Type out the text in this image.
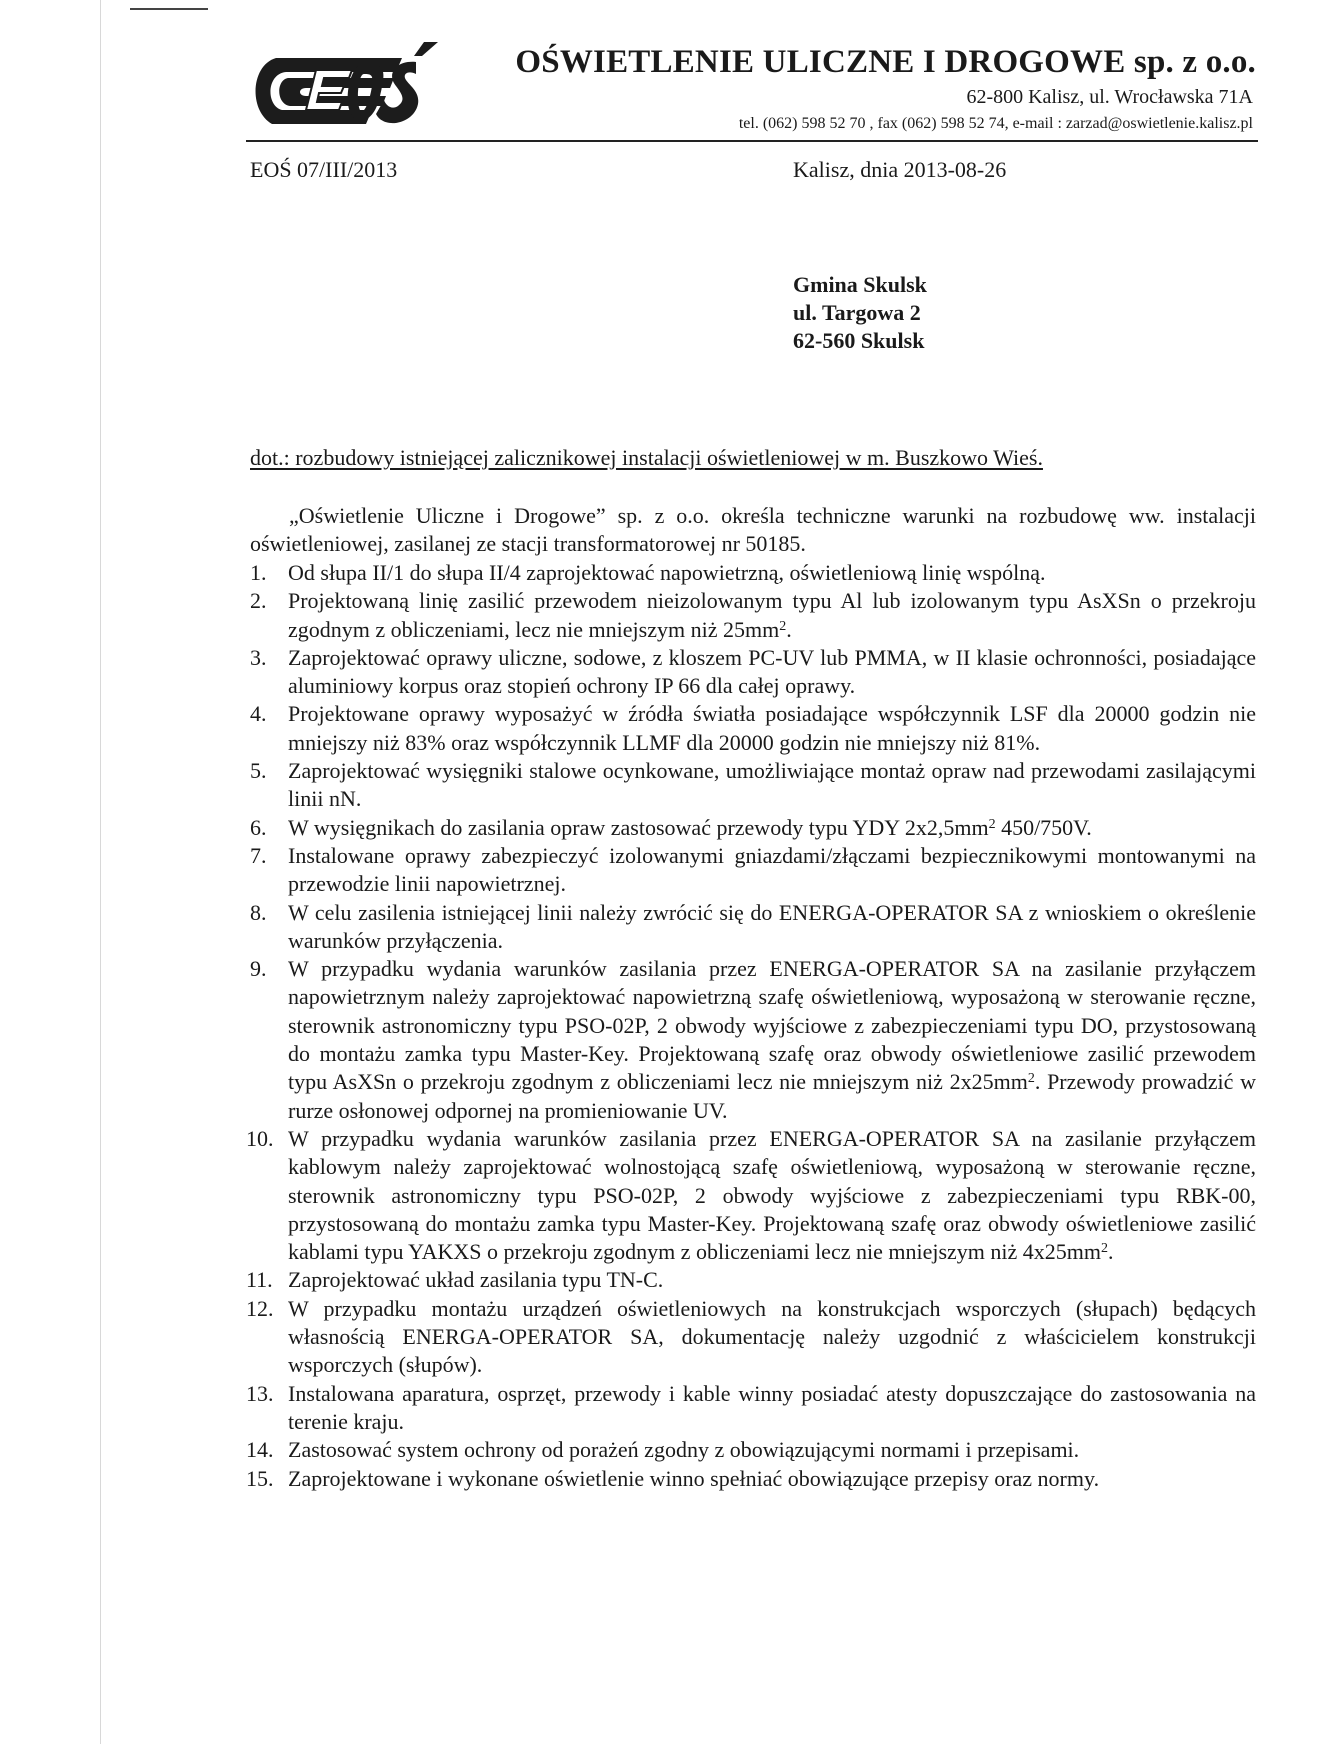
OŚWIETLENIE ULICZNE I DROGOWE sp. z o.o.
62-800 Kalisz, ul. Wrocławska 71A
tel. (062) 598 52 70 , fax (062) 598 52 74, e-mail : zarzad@oswietlenie.kalisz.pl
EOŚ 07/III/2013	Kalisz, dnia 2013-08-26
Gmina Skulsk
ul. Targowa 2
62-560 Skulsk
dot.: rozbudowy istniejącej zalicznikowej instalacji oświetleniowej w m. Buszkowo Wieś.
„Oświetlenie Uliczne i Drogowe” sp. z o.o. określa techniczne warunki na rozbudowę ww. instalacji oświetleniowej, zasilanej ze stacji transformatorowej nr 50185.
1. Od słupa II/1 do słupa II/4 zaprojektować napowietrzną, oświetleniową linię wspólną.
2. Projektowaną linię zasilić przewodem nieizolowanym typu Al lub izolowanym typu AsXSn o przekroju zgodnym z obliczeniami, lecz nie mniejszym niż $25mm^2$.
3. Zaprojektować oprawy uliczne, sodowe, z kloszem PC-UV lub PMMA, w II klasie ochronności, posiadające aluminiowy korpus oraz stopień ochrony IP 66 dla całej oprawy.
4. Projektowane oprawy wyposażyć w źródła światła posiadające współczynnik LSF dla 20000 godzin nie mniejszy niż 83% oraz współczynnik LLMF dla 20000 godzin nie mniejszy niż 81%.
5. Zaprojektować wysięgniki stalowe ocynkowane, umożliwiające montaż opraw nad przewodami zasilającymi linii nN.
6. W wysięgnikach do zasilania opraw zastosować przewody typu YDY $2x2,5mm^2$ 450/750V.
7. Instalowane oprawy zabezpieczyć izolowanymi gniazdami/złączami bezpiecznikowymi montowanymi na przewodzie linii napowietrznej.
8. W celu zasilenia istniejącej linii należy zwrócić się do ENERGA-OPERATOR SA z wnioskiem o określenie warunków przyłączenia.
9. W przypadku wydania warunków zasilania przez ENERGA-OPERATOR SA na zasilanie przyłączem napowietrznym należy zaprojektować napowietrzną szafę oświetleniową, wyposażoną w sterowanie ręczne, sterownik astronomiczny typu PSO-02P, 2 obwody wyjściowe z zabezpieczeniami typu DO, przystosowaną do montażu zamka typu Master-Key. Projektowaną szafę oraz obwody oświetleniowe zasilić przewodem typu AsXSn o przekroju zgodnym z obliczeniami lecz nie mniejszym niż $2x25mm^2$. Przewody prowadzić w rurze osłonowej odpornej na promieniowanie UV.
10. W przypadku wydania warunków zasilania przez ENERGA-OPERATOR SA na zasilanie przyłączem kablowym należy zaprojektować wolnostojącą szafę oświetleniową, wyposażoną w sterowanie ręczne, sterownik astronomiczny typu PSO-02P, 2 obwody wyjściowe z zabezpieczeniami typu RBK-00, przystosowaną do montażu zamka typu Master-Key. Projektowaną szafę oraz obwody oświetleniowe zasilić kablami typu YAKXS o przekroju zgodnym z obliczeniami lecz nie mniejszym niż $4x25mm^2$.
11. Zaprojektować układ zasilania typu TN-C.
12. W przypadku montażu urządzeń oświetleniowych na konstrukcjach wsporczych (słupach) będących własnością ENERGA-OPERATOR SA, dokumentację należy uzgodnić z właścicielem konstrukcji wsporczych (słupów).
13. Instalowana aparatura, osprzęt, przewody i kable winny posiadać atesty dopuszczające do zastosowania na terenie kraju.
14. Zastosować system ochrony od porażeń zgodny z obowiązującymi normami i przepisami.
15. Zaprojektowane i wykonane oświetlenie winno spełniać obowiązujące przepisy oraz normy.
